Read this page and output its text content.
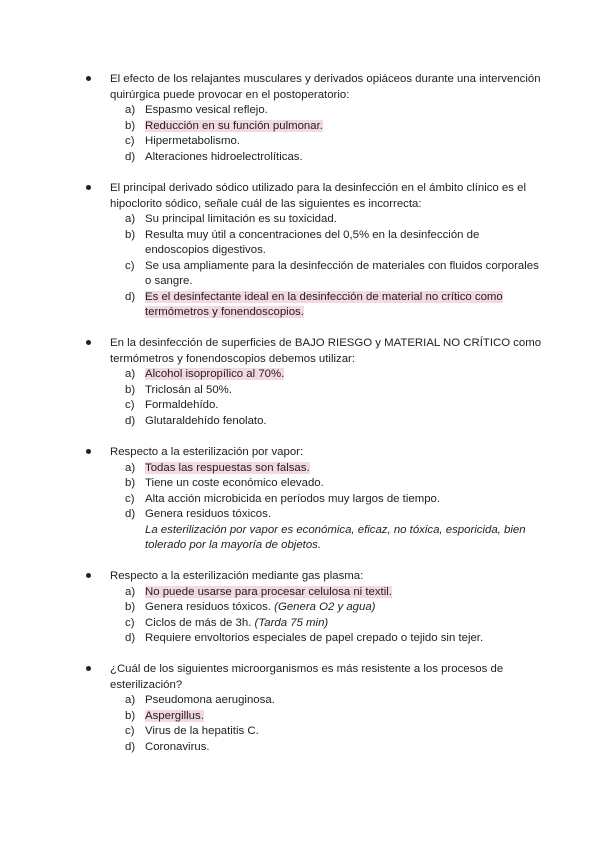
El efecto de los relajantes musculares y derivados opiáceos durante una intervención quirúrgica puede provocar en el postoperatorio:
a) Espasmo vesical reflejo.
b) Reducción en su función pulmonar.
c) Hipermetabolismo.
d) Alteraciones hidroelectrolíticas.
El principal derivado sódico utilizado para la desinfección en el ámbito clínico es el hipoclorito sódico, señale cuál de las siguientes es incorrecta:
a) Su principal limitación es su toxicidad.
b) Resulta muy útil a concentraciones del 0,5% en la desinfección de endoscopios digestivos.
c) Se usa ampliamente para la desinfección de materiales con fluidos corporales o sangre.
d) Es el desinfectante ideal en la desinfección de material no crítico como termómetros y fonendoscopios.
En la desinfección de superficies de BAJO RIESGO y MATERIAL NO CRÍTICO como termómetros y fonendoscopios debemos utilizar:
a) Alcohol isopropílico al 70%.
b) Triclosán al 50%.
c) Formaldehído.
d) Glutaraldehído fenolato.
Respecto a la esterilización por vapor:
a) Todas las respuestas son falsas.
b) Tiene un coste económico elevado.
c) Alta acción microbicida en períodos muy largos de tiempo.
d) Genera residuos tóxicos.
La esterilización por vapor es económica, eficaz, no tóxica, esporicida, bien tolerado por la mayoría de objetos.
Respecto a la esterilización mediante gas plasma:
a) No puede usarse para procesar celulosa ni textil.
b) Genera residuos tóxicos. (Genera O2 y agua)
c) Ciclos de más de 3h. (Tarda 75 min)
d) Requiere envoltorios especiales de papel crepado o tejido sin tejer.
¿Cuál de los siguientes microorganismos es más resistente a los procesos de esterilización?
a) Pseudomona aeruginosa.
b) Aspergillus.
c) Virus de la hepatitis C.
d) Coronavirus.
